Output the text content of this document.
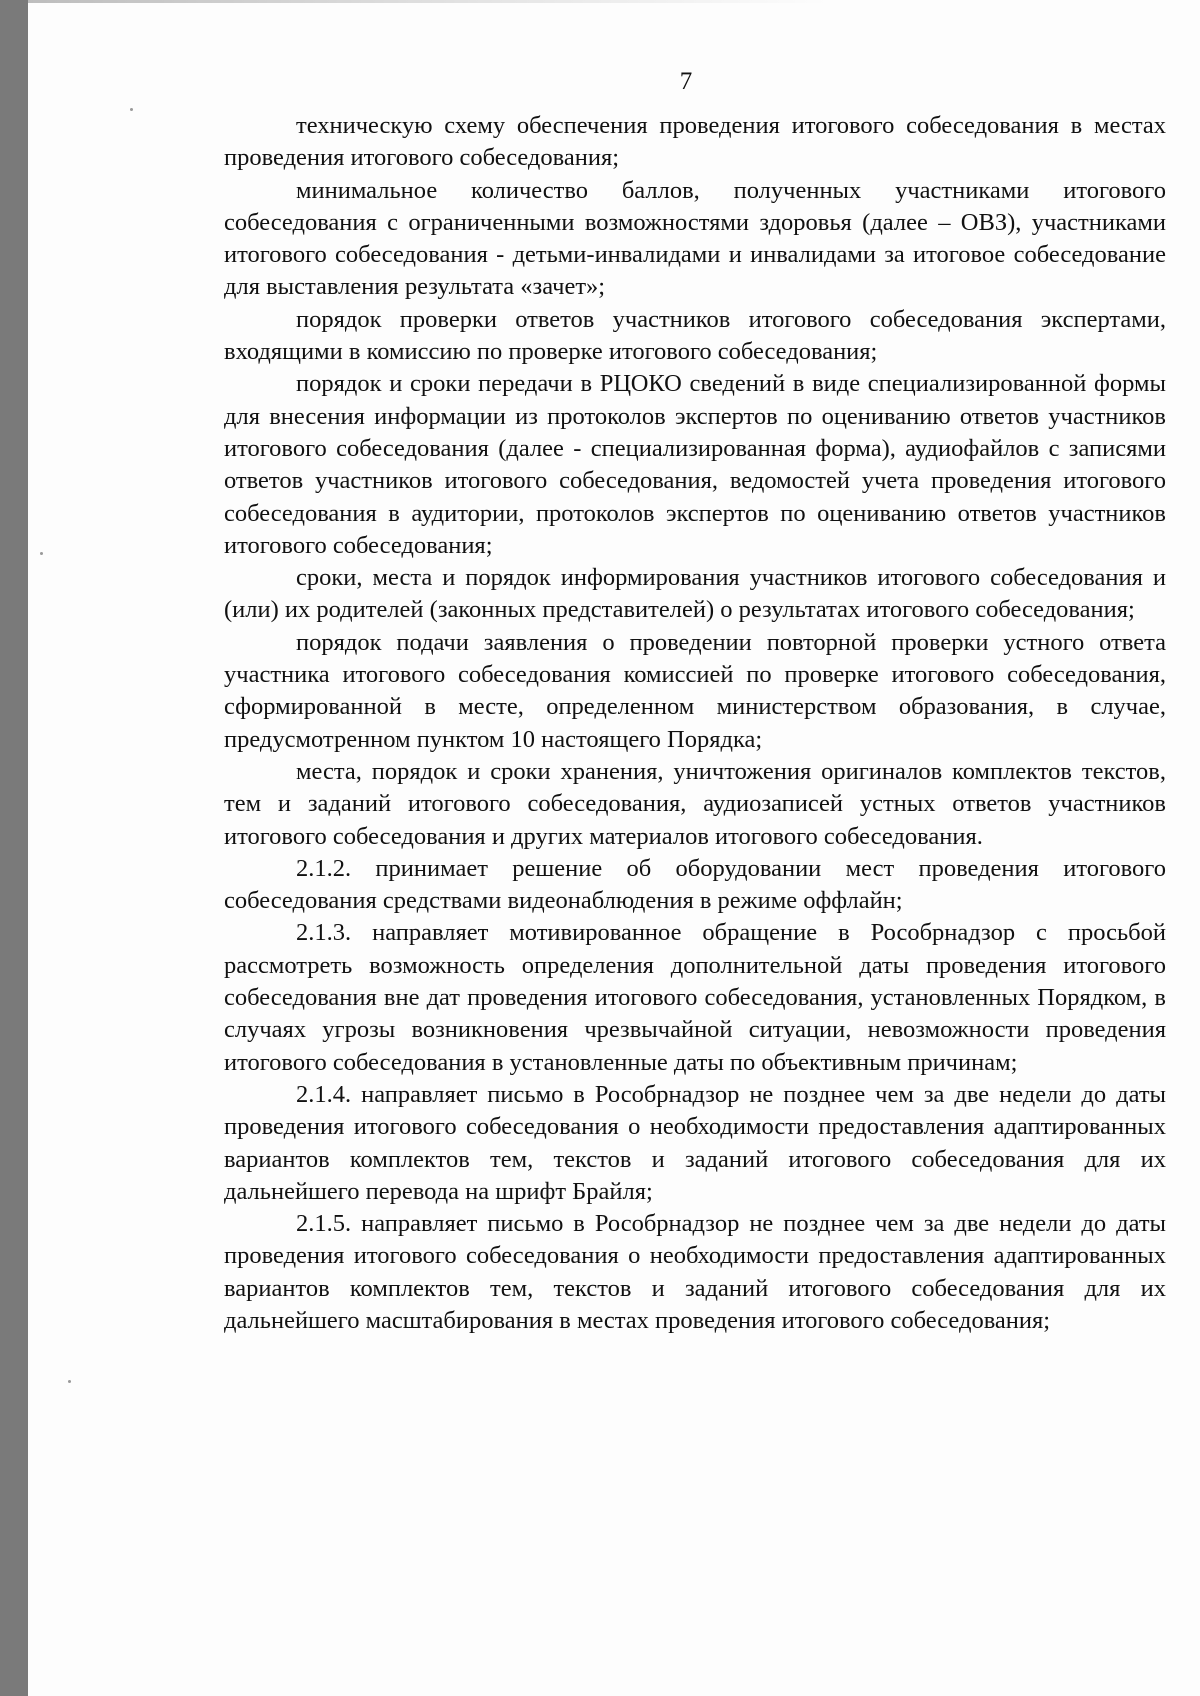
7

техническую схему обеспечения проведения итогового собеседования в местах проведения итогового собеседования;

минимальное количество баллов, полученных участниками итогового собеседования с ограниченными возможностями здоровья (далее – ОВЗ), участниками итогового собеседования - детьми-инвалидами и инвалидами за итоговое собеседование для выставления результата «зачет»;

порядок проверки ответов участников итогового собеседования экспертами, входящими в комиссию по проверке итогового собеседования;

порядок и сроки передачи в РЦОКО сведений в виде специализированной формы для внесения информации из протоколов экспертов по оцениванию ответов участников итогового собеседования (далее - специализированная форма), аудиофайлов с записями ответов участников итогового собеседования, ведомостей учета проведения итогового собеседования в аудитории, протоколов экспертов по оцениванию ответов участников итогового собеседования;

сроки, места и порядок информирования участников итогового собеседования и (или) их родителей (законных представителей) о результатах итогового собеседования;

порядок подачи заявления о проведении повторной проверки устного ответа участника итогового собеседования комиссией по проверке итогового собеседования, сформированной в месте, определенном министерством образования, в случае, предусмотренном пунктом 10 настоящего Порядка;

места, порядок и сроки хранения, уничтожения оригиналов комплектов текстов, тем и заданий итогового собеседования, аудиозаписей устных ответов участников итогового собеседования и других материалов итогового собеседования.

2.1.2. принимает решение об оборудовании мест проведения итогового собеседования средствами видеонаблюдения в режиме оффлайн;

2.1.3. направляет мотивированное обращение в Рособрнадзор с просьбой рассмотреть возможность определения дополнительной даты проведения итогового собеседования вне дат проведения итогового собеседования, установленных Порядком, в случаях угрозы возникновения чрезвычайной ситуации, невозможности проведения итогового собеседования в установленные даты по объективным причинам;

2.1.4. направляет письмо в Рособрнадзор не позднее чем за две недели до даты проведения итогового собеседования о необходимости предоставления адаптированных вариантов комплектов тем, текстов и заданий итогового собеседования для их дальнейшего перевода на шрифт Брайля;

2.1.5. направляет письмо в Рособрнадзор не позднее чем за две недели до даты проведения итогового собеседования о необходимости предоставления адаптированных вариантов комплектов тем, текстов и заданий итогового собеседования для их дальнейшего масштабирования в местах проведения итогового собеседования;
